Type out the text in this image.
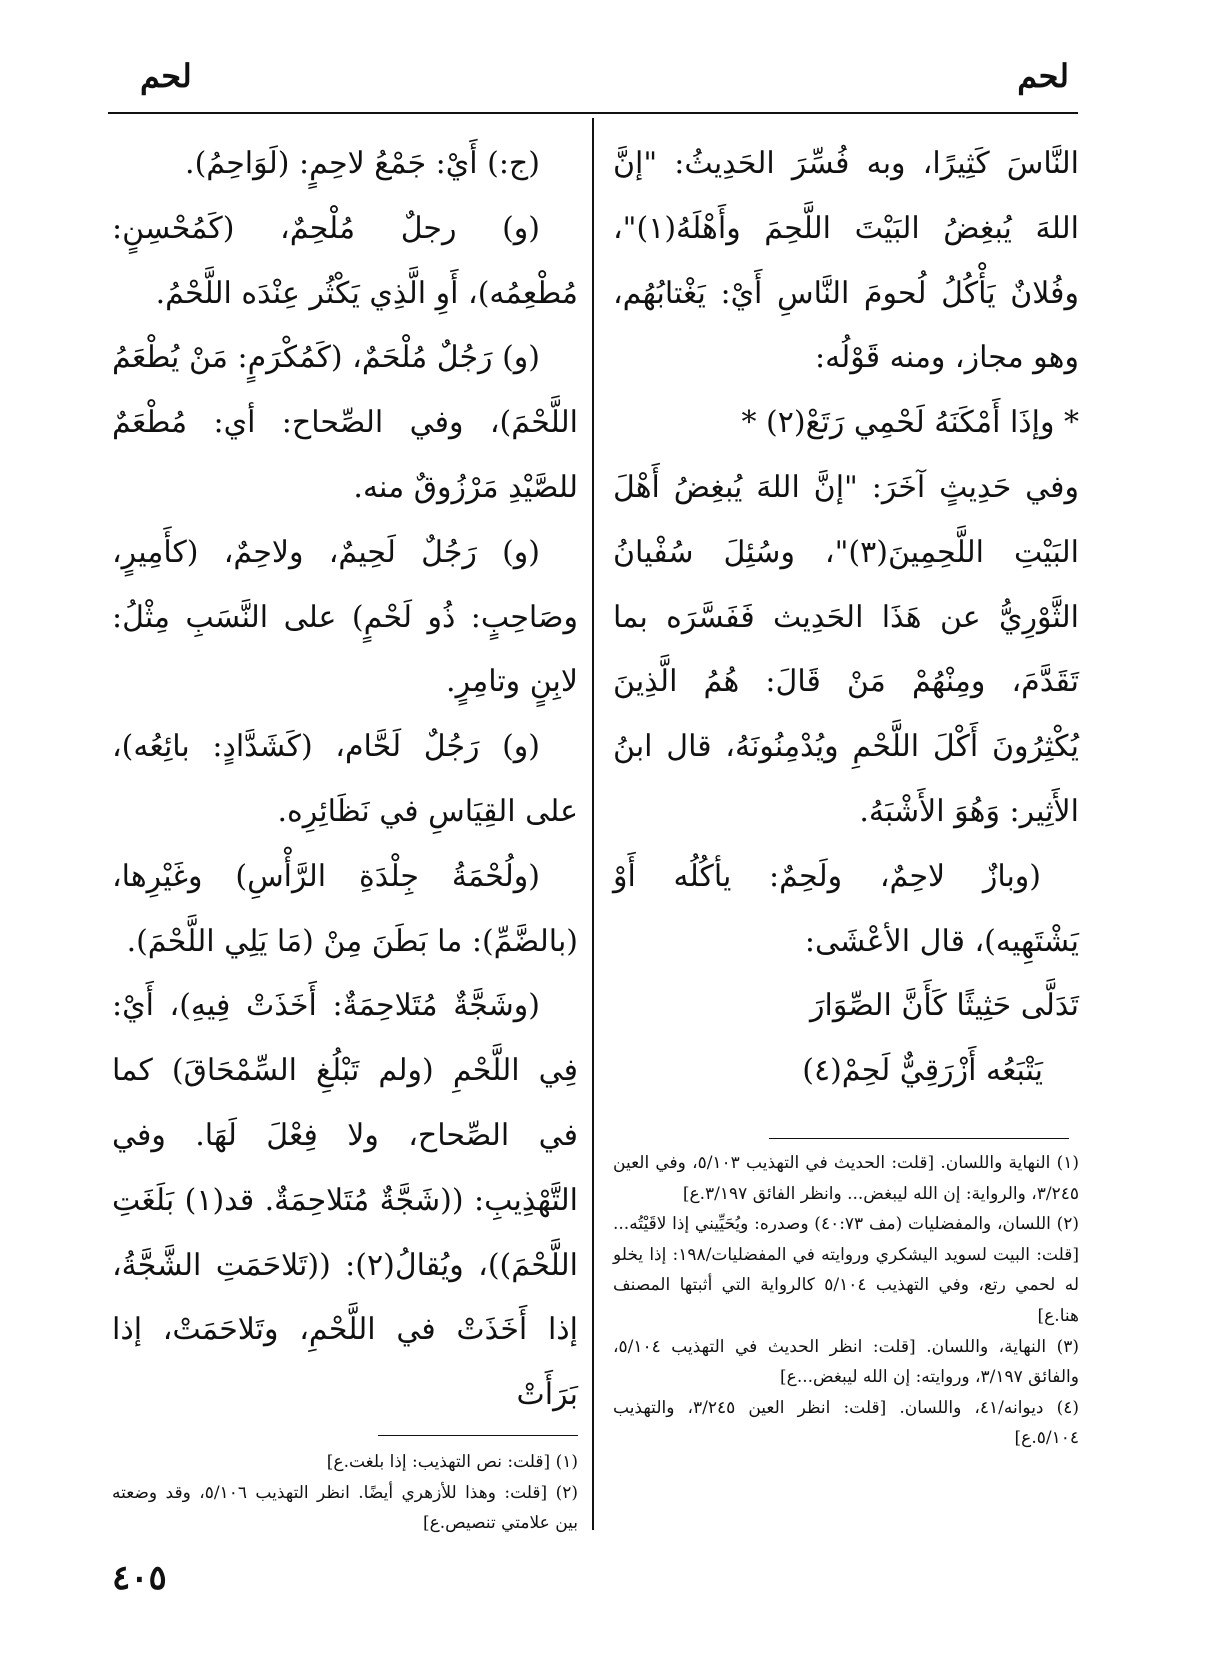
لحم
لحم

النَّاسَ كَثِيرًا، وبه فُسِّرَ الحَدِيثُ: "إنَّ اللهَ يُبغِضُ البَيْتَ اللَّحِمَ وأَهْلَهُ(١)"، وفُلانٌ يَأْكُلُ لُحومَ النَّاسِ أَيْ: يَغْتابُهُم، وهو مجاز، ومنه قَوْلُه:

* وإذَا أَمْكَنَهُ لَحْمِي رَتَعْ(٢) *

وفي حَدِيثٍ آخَرَ: "إنَّ اللهَ يُبغِضُ أَهْلَ البَيْتِ اللَّحِمِينَ(٣)"، وسُئِلَ سُفْيانُ الثَّوْرِيُّ عن هَذَا الحَدِيث فَفَسَّرَه بما تَقَدَّمَ، ومِنْهُمْ مَنْ قَالَ: هُمُ الَّذِينَ يُكْثِرُونَ أَكْلَ اللَّحْمِ ويُدْمِنُونَهُ، قال ابنُ الأَثِير: وَهُوَ الأَشْبَهُ.

(وبازٌ لاحِمٌ، ولَحِمٌ: يأكُلُه أَوْ يَشْتَهِيه)، قال الأعْشَى:

تَدَلَّى حَثِيثًا كَأَنَّ الصِّوَارَ

يَتْبَعُه أَزْرَقِيٌّ لَحِمْ(٤)

(١) النهاية واللسان. [قلت: الحديث في التهذيب ٥/١٠٣، وفي العين ٣/٢٤٥، والرواية: إن الله ليبغض... وانظر الفائق ٣/١٩٧.ع]

(٢) اللسان، والمفضليات (مف ٤٠:٧٣) وصدره: ويُحَيِّيني إذا لاقَيْتُه... [قلت: البيت لسويد اليشكري وروايته في المفضليات/١٩٨: إذا يخلو له لحمي رتع، وفي التهذيب ٥/١٠٤ كالرواية التي أثبتها المصنف هنا.ع]

(٣) النهاية، واللسان. [قلت: انظر الحديث في التهذيب ٥/١٠٤، والفائق ٣/١٩٧، وروايته: إن الله ليبغض...ع]

(٤) ديوانه/٤١، واللسان. [قلت: انظر العين ٣/٢٤٥، والتهذيب ٥/١٠٤.ع]

(ج:) أَيْ: جَمْعُ لاحِمٍ: (لَوَاحِمُ).

(و) رجلٌ مُلْحِمٌ، (كَمُحْسِنٍ: مُطْعِمُه)، أَوِ الَّذِي يَكْثُر عِنْدَه اللَّحْمُ.

(و) رَجُلٌ مُلْحَمٌ، (كَمُكْرَمٍ: مَنْ يُطْعَمُ اللَّحْمَ)، وفي الصِّحاح: أي: مُطْعَمٌ للصَّيْدِ مَرْزُوقٌ منه.

(و) رَجُلٌ لَحِيمٌ، ولاحِمٌ، (كأَمِيرٍ، وصَاحِبٍ: ذُو لَحْمٍ) على النَّسَبِ مِثْلُ: لابِنٍ وتامِرٍ.

(و) رَجُلٌ لَحَّام، (كَشَدَّادٍ: بائِعُه)، على القِيَاسِ في نَظَائِرِه.

(ولُحْمَةُ جِلْدَةِ الرَّأْسِ) وغَيْرِها، (بالضَّمِّ): ما بَطَنَ مِنْ (مَا يَلِي اللَّحْمَ).

(وشَجَّةٌ مُتَلاحِمَةٌ: أَخَذَتْ فِيهِ)، أَيْ: فِي اللَّحْمِ (ولم تَبْلُغِ السِّمْحَاقَ) كما في الصِّحاح، ولا فِعْلَ لَهَا. وفي التَّهْذِيبِ: ((شَجَّةٌ مُتَلاحِمَةٌ. قد(١) بَلَغَتِ اللَّحْمَ))، ويُقالُ(٢): ((تَلاحَمَتِ الشَّجَّةُ، إذا أَخَذَتْ في اللَّحْمِ، وتَلاحَمَتْ، إذا بَرَأَتْ

(١) [قلت: نص التهذيب: إذا بلغت.ع]

(٢) [قلت: وهذا للأزهري أيضًا. انظر التهذيب ٥/١٠٦، وقد وضعته بين علامتي تنصيص.ع]

٤٠٥
